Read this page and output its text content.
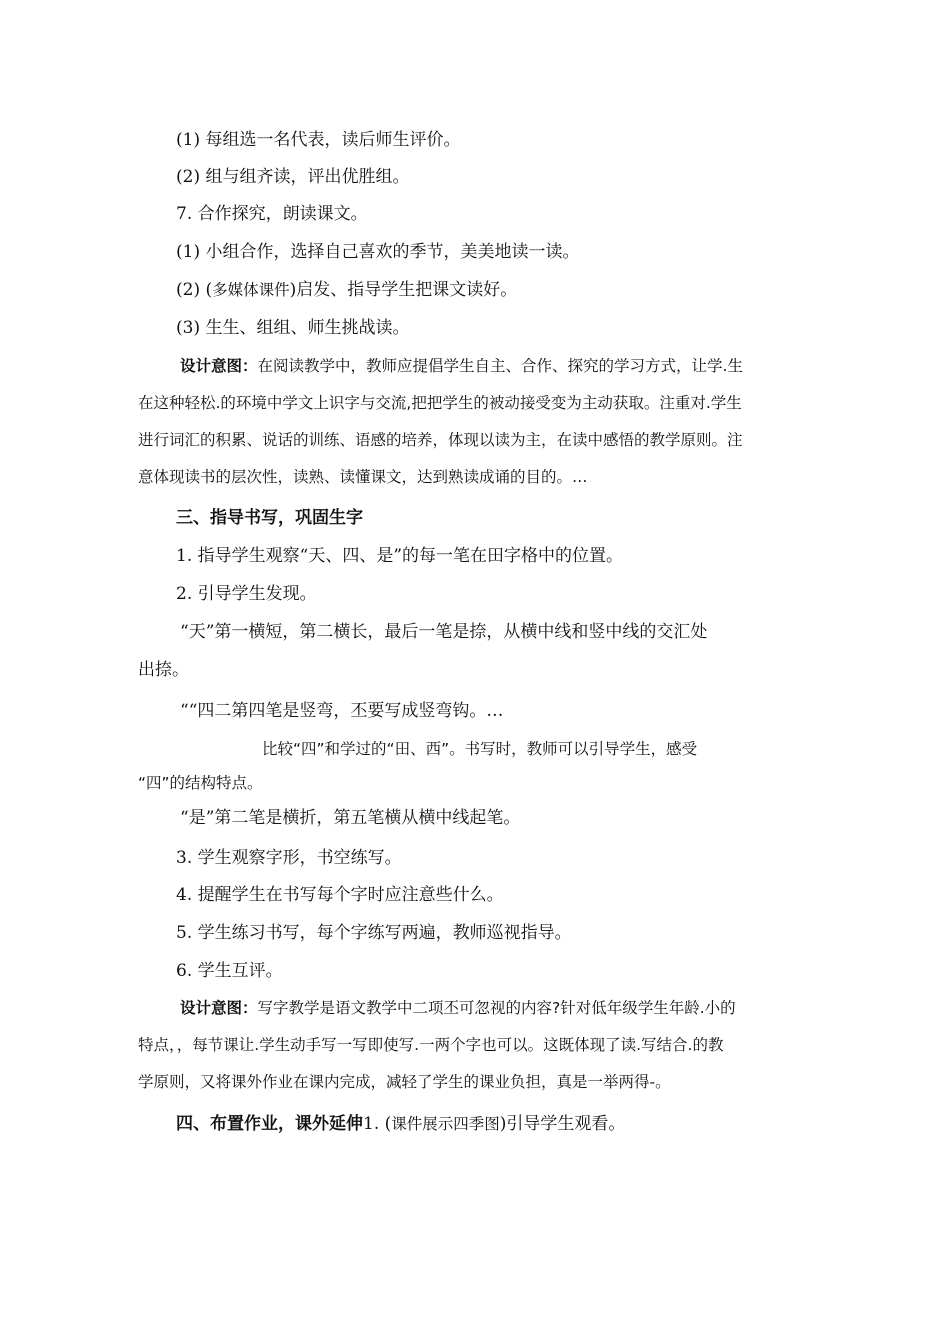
(1) 每组选一名代表，读后师生评价。
(2) 组与组齐读，评出优胜组。
7. 合作探究，朗读课文。
(1) 小组合作，选择自己喜欢的季节，美美地读一读。
(2) (多媒体课件)启发、指导学生把课文读好。
(3) 生生、组组、师生挑战读。
设计意图：在阅读教学中，教师应提倡学生自主、合作、探究的学习方式，让学.生
在这种轻松.的环境中学文上识字与交流,把把学生的被动接受变为主动获取。注重对.学生
进行词汇的积累、说话的训练、语感的培养，体现以读为主，在读中感悟的教学原则。注
意体现读书的层次性，读熟、读懂课文，达到熟读成诵的目的。…
三、指导书写，巩固生字
1. 指导学生观察“天、四、是”的每一笔在田字格中的位置。
2. 引导学生发现。
“天”第一横短，第二横长，最后一笔是捺，从横中线和竖中线的交汇处
出捺。
““四二第四笔是竖弯，丕要写成竖弯钩。…
比较“四”和学过的“田、西”。书写时，教师可以引导学生，感受
“四”的结构特点。
“是”第二笔是横折，第五笔横从横中线起笔。
3. 学生观察字形，书空练写。
4. 提醒学生在书写每个字时应注意些什么。
5. 学生练习书写，每个字练写两遍，教师巡视指导。
6. 学生互评。
设计意图：写字教学是语文教学中二项丕可忽视的内容?针对低年级学生年龄.小的
特点，，每节课让.学生动手写一写即使写.一两个字也可以。这既体现了读.写结合.的教
学原则，又将课外作业在课内完成，减轻了学生的课业负担，真是一举两得-。
四、布置作业，课外延伸1. (课件展示四季图)引导学生观看。
